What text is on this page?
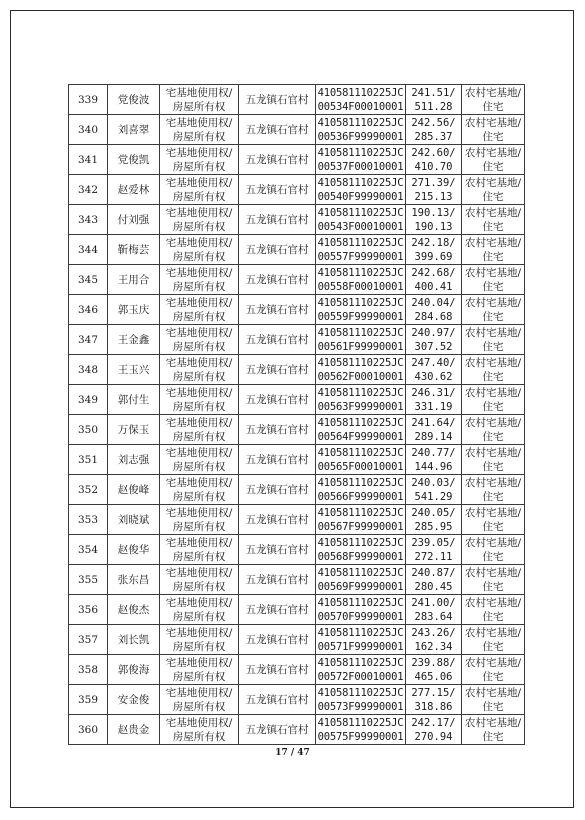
339	党俊波	宅基地使用权/
房屋所有权	五龙镇石官村	410581110225JC
00534F00010001	241.51/
511.28	农村宅基地/
住宅

340	刘喜翠	宅基地使用权/
房屋所有权	五龙镇石官村	410581110225JC
00536F99990001	242.56/
285.37	农村宅基地/
住宅

341	党俊凯	宅基地使用权/
房屋所有权	五龙镇石官村	410581110225JC
00537F00010001	242.60/
410.70	农村宅基地/
住宅

342	赵爱林	宅基地使用权/
房屋所有权	五龙镇石官村	410581110225JC
00540F99990001	271.39/
215.13	农村宅基地/
住宅

343	付刘强	宅基地使用权/
房屋所有权	五龙镇石官村	410581110225JC
00543F00010001	190.13/
190.13	农村宅基地/
住宅

344	靳梅芸	宅基地使用权/
房屋所有权	五龙镇石官村	410581110225JC
00557F99990001	242.18/
399.69	农村宅基地/
住宅

345	王用合	宅基地使用权/
房屋所有权	五龙镇石官村	410581110225JC
00558F00010001	242.68/
400.41	农村宅基地/
住宅

346	郭玉庆	宅基地使用权/
房屋所有权	五龙镇石官村	410581110225JC
00559F99990001	240.04/
284.68	农村宅基地/
住宅

347	王金鑫	宅基地使用权/
房屋所有权	五龙镇石官村	410581110225JC
00561F99990001	240.97/
307.52	农村宅基地/
住宅

348	王玉兴	宅基地使用权/
房屋所有权	五龙镇石官村	410581110225JC
00562F00010001	247.40/
430.62	农村宅基地/
住宅

349	郭付生	宅基地使用权/
房屋所有权	五龙镇石官村	410581110225JC
00563F99990001	246.31/
331.19	农村宅基地/
住宅

350	万保玉	宅基地使用权/
房屋所有权	五龙镇石官村	410581110225JC
00564F99990001	241.64/
289.14	农村宅基地/
住宅

351	刘志强	宅基地使用权/
房屋所有权	五龙镇石官村	410581110225JC
00565F00010001	240.77/
144.96	农村宅基地/
住宅

352	赵俊峰	宅基地使用权/
房屋所有权	五龙镇石官村	410581110225JC
00566F99990001	240.03/
541.29	农村宅基地/
住宅

353	刘晓斌	宅基地使用权/
房屋所有权	五龙镇石官村	410581110225JC
00567F99990001	240.05/
285.95	农村宅基地/
住宅

354	赵俊华	宅基地使用权/
房屋所有权	五龙镇石官村	410581110225JC
00568F99990001	239.05/
272.11	农村宅基地/
住宅

355	张东昌	宅基地使用权/
房屋所有权	五龙镇石官村	410581110225JC
00569F99990001	240.87/
280.45	农村宅基地/
住宅

356	赵俊杰	宅基地使用权/
房屋所有权	五龙镇石官村	410581110225JC
00570F99990001	241.00/
283.64	农村宅基地/
住宅

357	刘长凯	宅基地使用权/
房屋所有权	五龙镇石官村	410581110225JC
00571F99990001	243.26/
162.34	农村宅基地/
住宅

358	郭俊海	宅基地使用权/
房屋所有权	五龙镇石官村	410581110225JC
00572F00010001	239.88/
465.06	农村宅基地/
住宅

359	安金俊	宅基地使用权/
房屋所有权	五龙镇石官村	410581110225JC
00573F99990001	277.15/
318.86	农村宅基地/
住宅

360	赵贵金	宅基地使用权/
房屋所有权	五龙镇石官村	410581110225JC
00575F99990001	242.17/
270.94	农村宅基地/
住宅
17 / 47
